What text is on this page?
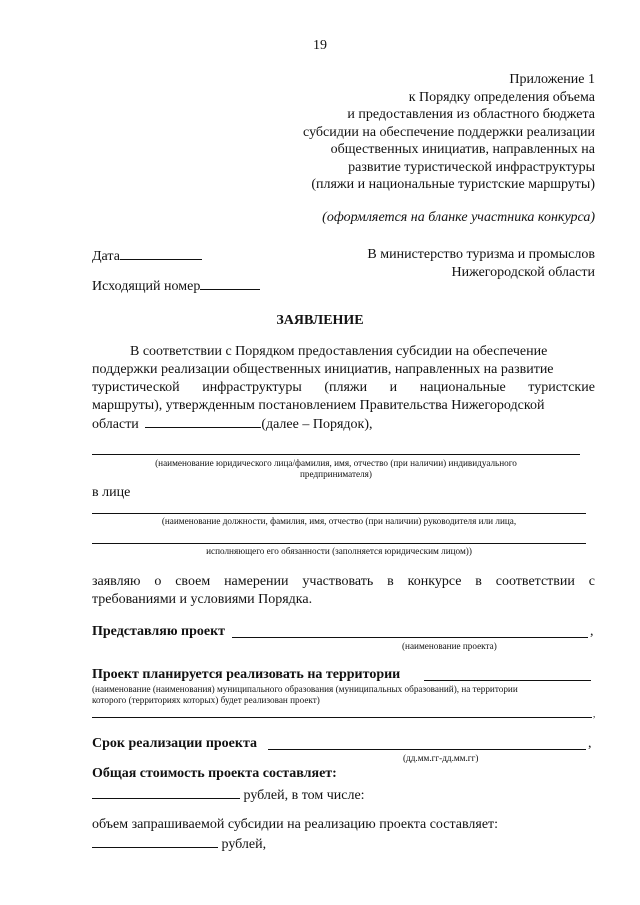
19
Приложение 1
к Порядку определения объема
и предоставления из областного бюджета
субсидии на обеспечение поддержки реализации
общественных инициатив, направленных на
развитие туристической инфраструктуры
(пляжи и национальные туристские маршруты)
(оформляется на бланке участника конкурса)
Дата
Исходящий номер
В министерство туризма и промыслов
Нижегородской области
ЗАЯВЛЕНИЕ
В соответствии с Порядком предоставления субсидии на обеспечение
поддержки реализации общественных инициатив, направленных на развитие
туристической инфраструктуры (пляжи и национальные туристские
маршруты), утвержденным постановлением Правительства Нижегородской
области	(далее – Порядок),
(наименование юридического лица/фамилия, имя, отчество (при наличии) индивидуального
предпринимателя)
в лице
(наименование должности, фамилия, имя, отчество (при наличии) руководителя или лица,
исполняющего его обязанности (заполняется юридическим лицом))
заявляю о своем намерении участвовать в конкурсе в соответствии с
требованиями и условиями Порядка.
Представляю проект	,
(наименование проекта)
Проект планируется реализовать на территории
(наименование (наименования) муниципального образования (муниципальных образований), на территории
которого (территориях которых) будет реализован проект)
,
Срок реализации проекта	,
(дд.мм.гг-дд.мм.гг)
Общая стоимость проекта составляет:
рублей, в том числе:
объем запрашиваемой субсидии на реализацию проекта составляет:
рублей,
